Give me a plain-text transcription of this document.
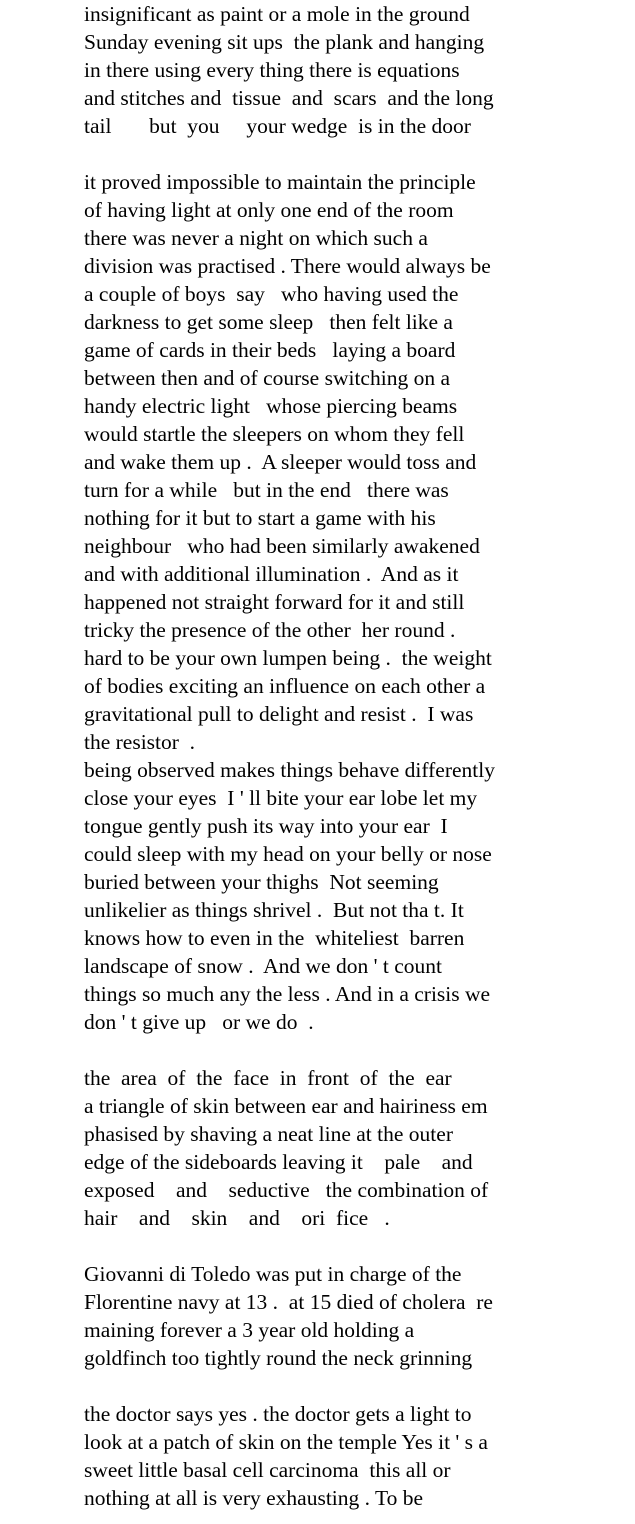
insignificant as paint or a mole in the ground
Sunday evening sit ups  the plank and hanging
in there using every thing there is equations
and stitches and  tissue  and  scars  and the long
tail       but  you     your wedge  is in the door
it proved impossible to maintain the principle
of having light at only one end of the room
there was never a night on which such a
division was practised . There would always be
a couple of boys  say   who having used the
darkness to get some sleep   then felt like a
game of cards in their beds   laying a board
between then and of course switching on a
handy electric light   whose piercing beams
would startle the sleepers on whom they fell
and wake them up .  A sleeper would toss and
turn for a while   but in the end   there was
nothing for it but to start a game with his
neighbour   who had been similarly awakened
and with additional illumination .  And as it
happened not straight forward for it and still
tricky the presence of the other  her round .
hard to be your own lumpen being .  the weight
of bodies exciting an influence on each other a
gravitational pull to delight and resist .  I was
the resistor  .
being observed makes things behave differently
close your eyes  I ' ll bite your ear lobe let my
tongue gently push its way into your ear  I
could sleep with my head on your belly or nose
buried between your thighs  Not seeming
unlikelier as things shrivel .  But not tha t. It
knows how to even in the  whiteliest  barren
landscape of snow .  And we don ' t count
things so much any the less . And in a crisis we
don ' t give up   or we do  .
the  area  of  the  face  in  front  of  the  ear
a triangle of skin between ear and hairiness em
phasised by shaving a neat line at the outer
edge of the sideboards leaving it    pale    and
exposed    and    seductive   the combination of
hair    and    skin    and    ori  fice   .
Giovanni di Toledo was put in charge of the
Florentine navy at 13 .  at 15 died of cholera  re
maining forever a 3 year old holding a
goldfinch too tightly round the neck grinning
the doctor says yes . the doctor gets a light to
look at a patch of skin on the temple Yes it ' s a
sweet little basal cell carcinoma  this all or
nothing at all is very exhausting . To be
